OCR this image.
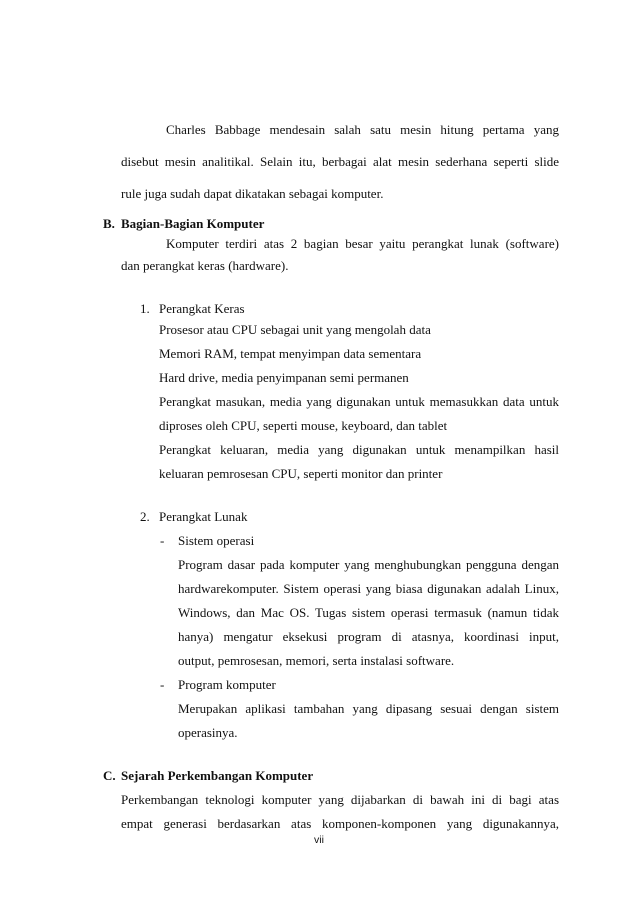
Charles Babbage mendesain salah satu mesin hitung pertama yang
disebut mesin analitikal. Selain itu, berbagai alat mesin sederhana seperti slide
rule juga sudah dapat dikatakan sebagai komputer.
B. Bagian-Bagian Komputer
Komputer terdiri atas 2 bagian besar yaitu perangkat lunak (software)
dan perangkat keras (hardware).
1. Perangkat Keras
Prosesor atau CPU sebagai unit yang mengolah data
Memori RAM, tempat menyimpan data sementara
Hard drive, media penyimpanan semi permanen
Perangkat masukan, media yang digunakan untuk memasukkan data untuk
diproses oleh CPU, seperti mouse, keyboard, dan tablet
Perangkat keluaran, media yang digunakan untuk menampilkan hasil
keluaran pemrosesan CPU, seperti monitor dan printer
2. Perangkat Lunak
- Sistem operasi
Program dasar pada komputer yang menghubungkan pengguna dengan
hardwarekomputer. Sistem operasi yang biasa digunakan adalah Linux,
Windows, dan Mac OS. Tugas sistem operasi termasuk (namun tidak
hanya) mengatur eksekusi program di atasnya, koordinasi input,
output, pemrosesan, memori, serta instalasi software.
- Program komputer
Merupakan aplikasi tambahan yang dipasang sesuai dengan sistem
operasinya.
C. Sejarah Perkembangan Komputer
Perkembangan teknologi komputer yang dijabarkan di bawah ini di bagi atas
empat generasi berdasarkan atas komponen-komponen yang digunakannya,
vii
